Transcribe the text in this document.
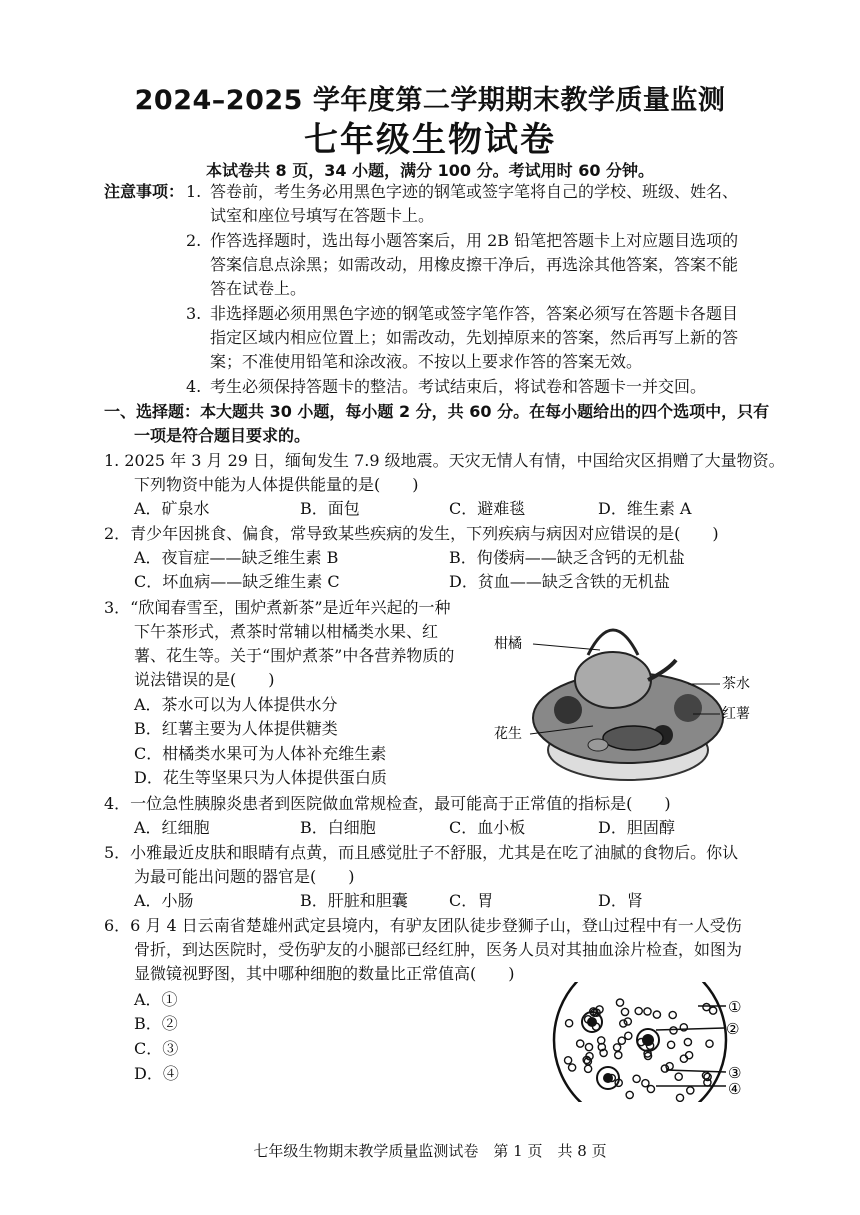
2024–2025 学年度第二学期期末教学质量监测
七年级生物试卷
本试卷共 8 页，34 小题，满分 100 分。考试用时 60 分钟。
注意事项： 1. 答卷前，考生务必用黑色字迹的钢笔或签字笔将自己的学校、班级、姓名、
试室和座位号填写在答题卡上。
2. 作答选择题时，选出每小题答案后，用 2B 铅笔把答题卡上对应题目选项的
答案信息点涂黑；如需改动，用橡皮擦干净后，再选涂其他答案，答案不能
答在试卷上。
3. 非选择题必须用黑色字迹的钢笔或签字笔作答，答案必须写在答题卡各题目
指定区域内相应位置上；如需改动，先划掉原来的答案，然后再写上新的答
案；不准使用铅笔和涂改液。不按以上要求作答的答案无效。
4. 考生必须保持答题卡的整洁。考试结束后，将试卷和答题卡一并交回。
一、选择题：本大题共 30 小题，每小题 2 分，共 60 分。在每小题给出的四个选项中，只有
一项是符合题目要求的。
1. 2025 年 3 月 29 日，缅甸发生 7.9 级地震。天灾无情人有情，中国给灾区捐赠了大量物资。
下列物资中能为人体提供能量的是(　　)
A．矿泉水	B．面包	C．避难毯	D．维生素 A
2．青少年因挑食、偏食，常导致某些疾病的发生，下列疾病与病因对应错误的是(　　)
A．夜盲症——缺乏维生素 B	B．佝偻病——缺乏含钙的无机盐
C．坏血病——缺乏维生素 C	D．贫血——缺乏含铁的无机盐
3．“欣闻春雪至，围炉煮新茶”是近年兴起的一种
下午茶形式，煮茶时常辅以柑橘类水果、红
薯、花生等。关于“围炉煮茶”中各营养物质的
说法错误的是(　　)
A．茶水可以为人体提供水分
B．红薯主要为人体提供糖类
C．柑橘类水果可为人体补充维生素
D．花生等坚果只为人体提供蛋白质
柑橘
茶水
红薯
花生
4．一位急性胰腺炎患者到医院做血常规检查，最可能高于正常值的指标是(　　)
A．红细胞	B．白细胞	C．血小板	D．胆固醇
5．小雅最近皮肤和眼睛有点黄，而且感觉肚子不舒服，尤其是在吃了油腻的食物后。你认
为最可能出问题的器官是(　　)
A．小肠	B．肝脏和胆囊	C．胃	D．肾
6．6 月 4 日云南省楚雄州武定县境内，有驴友团队徒步登狮子山，登山过程中有一人受伤
骨折，到达医院时，受伤驴友的小腿部已经红肿，医务人员对其抽血涂片检查，如图为
显微镜视野图，其中哪种细胞的数量比正常值高(　　)
A．①
B．②
C．③
D．④
①
②
③
④
七年级生物期末教学质量监测试卷　第 1 页　共 8 页
